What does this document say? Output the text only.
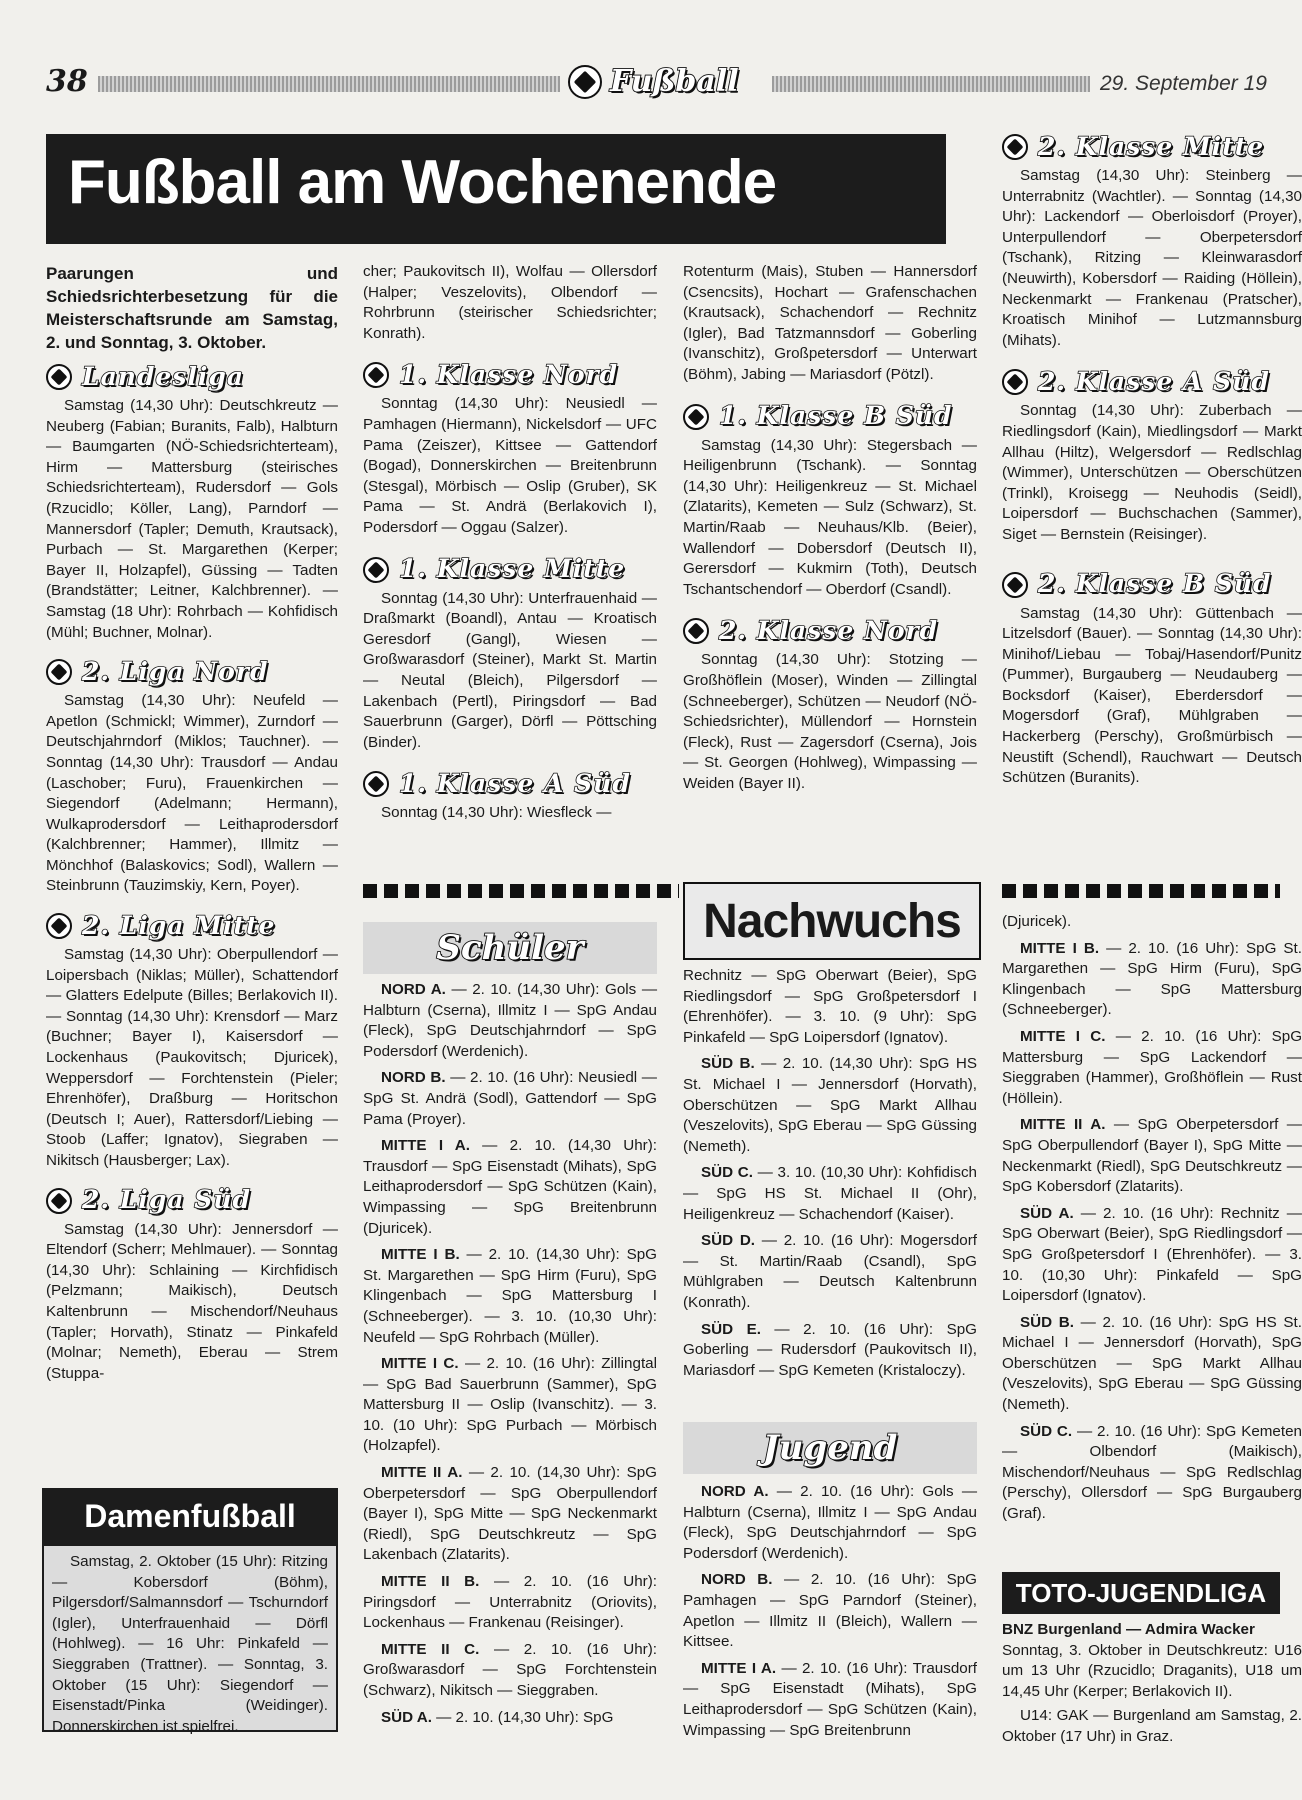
38	Fußball	29. September 19
Fußball am Wochenende

Paarungen und Schiedsrichterbesetzung für die Meisterschaftsrunde am Samstag, 2. und Sonntag, 3. Oktober.

Landesliga

Samstag (14,30 Uhr): Deutschkreutz — Neuberg (Fabian; Buranits, Falb), Halbturn — Baumgarten (NÖ-Schiedsrichterteam), Hirm — Mattersburg (steirisches Schiedsrichterteam), Rudersdorf — Gols (Rzucidlo; Köller, Lang), Parndorf — Mannersdorf (Tapler; Demuth, Krautsack), Purbach — St. Margarethen (Kerper; Bayer II, Holzapfel), Güssing — Tadten (Brandstätter; Leitner, Kalchbrenner). — Samstag (18 Uhr): Rohrbach — Kohfidisch (Mühl; Buchner, Molnar).

2. Liga Nord

Samstag (14,30 Uhr): Neufeld — Apetlon (Schmickl; Wimmer), Zurndorf — Deutschjahrndorf (Miklos; Tauchner). — Sonntag (14,30 Uhr): Trausdorf — Andau (Laschober; Furu), Frauenkirchen — Siegendorf (Adelmann; Hermann), Wulkaprodersdorf — Leithaprodersdorf (Kalchbrenner; Hammer), Illmitz — Mönchhof (Balaskovics; Sodl), Wallern — Steinbrunn (Tauzimskiy, Kern, Poyer).

2. Liga Mitte

Samstag (14,30 Uhr): Oberpullendorf — Loipersbach (Niklas; Müller), Schattendorf — Glatters Edelpute (Billes; Berlakovich II). — Sonntag (14,30 Uhr): Krensdorf — Marz (Buchner; Bayer I), Kaisersdorf — Lockenhaus (Paukovitsch; Djuricek), Weppersdorf — Forchtenstein (Pieler; Ehrenhöfer), Draßburg — Horitschon (Deutsch I; Auer), Rattersdorf/Liebing — Stoob (Laffer; Ignatov), Siegraben — Nikitsch (Hausberger; Lax).

2. Liga Süd

Samstag (14,30 Uhr): Jennersdorf — Eltendorf (Scherr; Mehlmauer). — Sonntag (14,30 Uhr): Schlaining — Kirchfidisch (Pelzmann; Maikisch), Deutsch Kaltenbrunn — Mischendorf/Neuhaus (Tapler; Horvath), Stinatz — Pinkafeld (Molnar; Nemeth), Eberau — Strem (Stuppa-

Damenfußball

Samstag, 2. Oktober (15 Uhr): Ritzing — Kobersdorf (Böhm), Pilgersdorf/Salmannsdorf — Tschurndorf (Igler), Unterfrauenhaid — Dörfl (Hohlweg). — 16 Uhr: Pinkafeld — Sieggraben (Trattner). — Sonntag, 3. Oktober (15 Uhr): Siegendorf — Eisenstadt/Pinka (Weidinger). Donnerskirchen ist spielfrei.

cher; Paukovitsch II), Wolfau — Ollersdorf (Halper; Veszelovits), Olbendorf — Rohrbrunn (steirischer Schiedsrichter; Konrath).

1. Klasse Nord

Sonntag (14,30 Uhr): Neusiedl — Pamhagen (Hiermann), Nickelsdorf — UFC Pama (Zeiszer), Kittsee — Gattendorf (Bogad), Donnerskirchen — Breitenbrunn (Stesgal), Mörbisch — Oslip (Gruber), SK Pama — St. Andrä (Berlakovich I), Podersdorf — Oggau (Salzer).

1. Klasse Mitte

Sonntag (14,30 Uhr): Unterfrauenhaid — Draßmarkt (Boandl), Antau — Kroatisch Geresdorf (Gangl), Wiesen — Großwarasdorf (Steiner), Markt St. Martin — Neutal (Bleich), Pilgersdorf — Lakenbach (Pertl), Piringsdorf — Bad Sauerbrunn (Garger), Dörfl — Pöttsching (Binder).

1. Klasse A Süd

Sonntag (14,30 Uhr): Wiesfleck —

Rotenturm (Mais), Stuben — Hannersdorf (Csencsits), Hochart — Grafenschachen (Krautsack), Schachendorf — Rechnitz (Igler), Bad Tatzmannsdorf — Goberling (Ivanschitz), Großpetersdorf — Unterwart (Böhm), Jabing — Mariasdorf (Pötzl).

1. Klasse B Süd

Samstag (14,30 Uhr): Stegersbach — Heiligenbrunn (Tschank). — Sonntag (14,30 Uhr): Heiligenkreuz — St. Michael (Zlatarits), Kemeten — Sulz (Schwarz), St. Martin/Raab — Neuhaus/Klb. (Beier), Wallendorf — Dobersdorf (Deutsch II), Gerersdorf — Kukmirn (Toth), Deutsch Tschantschendorf — Oberdorf (Csandl).

2. Klasse Nord

Sonntag (14,30 Uhr): Stotzing — Großhöflein (Moser), Winden — Zillingtal (Schneeberger), Schützen — Neudorf (NÖ-Schiedsrichter), Müllendorf — Hornstein (Fleck), Rust — Zagersdorf (Cserna), Jois — St. Georgen (Hohlweg), Wimpassing — Weiden (Bayer II).

2. Klasse Mitte

Samstag (14,30 Uhr): Steinberg — Unterrabnitz (Wachtler). — Sonntag (14,30 Uhr): Lackendorf — Oberloisdorf (Proyer), Unterpullendorf — Oberpetersdorf (Tschank), Ritzing — Kleinwarasdorf (Neuwirth), Kobersdorf — Raiding (Höllein), Neckenmarkt — Frankenau (Pratscher), Kroatisch Minihof — Lutzmannsburg (Mihats).

2. Klasse A Süd

Sonntag (14,30 Uhr): Zuberbach — Riedlingsdorf (Kain), Miedlingsdorf — Markt Allhau (Hiltz), Welgersdorf — Redlschlag (Wimmer), Unterschützen — Oberschützen (Trinkl), Kroisegg — Neuhodis (Seidl), Loipersdorf — Buchschachen (Sammer), Siget — Bernstein (Reisinger).

2. Klasse B Süd

Samstag (14,30 Uhr): Güttenbach — Litzelsdorf (Bauer). — Sonntag (14,30 Uhr): Minihof/Liebau — Tobaj/Hasendorf/Punitz (Pummer), Burgauberg — Neudauberg — Bocksdorf (Kaiser), Eberdersdorf — Mogersdorf (Graf), Mühlgraben — Hackerberg (Perschy), Großmürbisch — Neustift (Schendl), Rauchwart — Deutsch Schützen (Buranits).

Nachwuchs
Schüler

NORD A. — 2. 10. (14,30 Uhr): Gols — Halbturn (Cserna), Illmitz I — SpG Andau (Fleck), SpG Deutschjahrndorf — SpG Podersdorf (Werdenich).

NORD B. — 2. 10. (16 Uhr): Neusiedl — SpG St. Andrä (Sodl), Gattendorf — SpG Pama (Proyer).

MITTE I A. — 2. 10. (14,30 Uhr): Trausdorf — SpG Eisenstadt (Mihats), SpG Leithaprodersdorf — SpG Schützen (Kain), Wimpassing — SpG Breitenbrunn (Djuricek).

MITTE I B. — 2. 10. (14,30 Uhr): SpG St. Margarethen — SpG Hirm (Furu), SpG Klingenbach — SpG Mattersburg I (Schneeberger). — 3. 10. (10,30 Uhr): Neufeld — SpG Rohrbach (Müller).

MITTE I C. — 2. 10. (16 Uhr): Zillingtal — SpG Bad Sauerbrunn (Sammer), SpG Mattersburg II — Oslip (Ivanschitz). — 3. 10. (10 Uhr): SpG Purbach — Mörbisch (Holzapfel).

MITTE II A. — 2. 10. (14,30 Uhr): SpG Oberpetersdorf — SpG Oberpullendorf (Bayer I), SpG Mitte — SpG Neckenmarkt (Riedl), SpG Deutschkreutz — SpG Lakenbach (Zlatarits).

MITTE II B. — 2. 10. (16 Uhr): Piringsdorf — Unterrabnitz (Oriovits), Lockenhaus — Frankenau (Reisinger).

MITTE II C. — 2. 10. (16 Uhr): Großwarasdorf — SpG Forchtenstein (Schwarz), Nikitsch — Sieggraben.

SÜD A. — 2. 10. (14,30 Uhr): SpG

Rechnitz — SpG Oberwart (Beier), SpG Riedlingsdorf — SpG Großpetersdorf I (Ehrenhöfer). — 3. 10. (9 Uhr): SpG Pinkafeld — SpG Loipersdorf (Ignatov).

SÜD B. — 2. 10. (14,30 Uhr): SpG HS St. Michael I — Jennersdorf (Horvath), Oberschützen — SpG Markt Allhau (Veszelovits), SpG Eberau — SpG Güssing (Nemeth).

SÜD C. — 3. 10. (10,30 Uhr): Kohfidisch — SpG HS St. Michael II (Ohr), Heiligenkreuz — Schachendorf (Kaiser).

SÜD D. — 2. 10. (16 Uhr): Mogersdorf — St. Martin/Raab (Csandl), SpG Mühlgraben — Deutsch Kaltenbrunn (Konrath).

SÜD E. — 2. 10. (16 Uhr): SpG Goberling — Rudersdorf (Paukovitsch II), Mariasdorf — SpG Kemeten (Kristaloczy).

Jugend

NORD A. — 2. 10. (16 Uhr): Gols — Halbturn (Cserna), Illmitz I — SpG Andau (Fleck), SpG Deutschjahrndorf — SpG Podersdorf (Werdenich).

NORD B. — 2. 10. (16 Uhr): SpG Pamhagen — SpG Parndorf (Steiner), Apetlon — Illmitz II (Bleich), Wallern — Kittsee.

MITTE I A. — 2. 10. (16 Uhr): Trausdorf — SpG Eisenstadt (Mihats), SpG Leithaprodersdorf — SpG Schützen (Kain), Wimpassing — SpG Breitenbrunn

(Djuricek).

MITTE I B. — 2. 10. (16 Uhr): SpG St. Margarethen — SpG Hirm (Furu), SpG Klingenbach — SpG Mattersburg (Schneeberger).

MITTE I C. — 2. 10. (16 Uhr): SpG Mattersburg — SpG Lackendorf — Sieggraben (Hammer), Großhöflein — Rust (Höllein).

MITTE II A. — SpG Oberpetersdorf — SpG Oberpullendorf (Bayer I), SpG Mitte — Neckenmarkt (Riedl), SpG Deutschkreutz — SpG Kobersdorf (Zlatarits).

SÜD A. — 2. 10. (16 Uhr): Rechnitz — SpG Oberwart (Beier), SpG Riedlingsdorf — SpG Großpetersdorf I (Ehrenhöfer). — 3. 10. (10,30 Uhr): Pinkafeld — SpG Loipersdorf (Ignatov).

SÜD B. — 2. 10. (16 Uhr): SpG HS St. Michael I — Jennersdorf (Horvath), SpG Oberschützen — SpG Markt Allhau (Veszelovits), SpG Eberau — SpG Güssing (Nemeth).

SÜD C. — 2. 10. (16 Uhr): SpG Kemeten — Olbendorf (Maikisch), Mischendorf/Neuhaus — SpG Redlschlag (Perschy), Ollersdorf — SpG Burgauberg (Graf).

TOTO-JUGENDLIGA

BNZ Burgenland — Admira Wacker

Sonntag, 3. Oktober in Deutschkreutz: U16 um 13 Uhr (Rzucidlo; Draganits), U18 um 14,45 Uhr (Kerper; Berlakovich II).

U14: GAK — Burgenland am Samstag, 2. Oktober (17 Uhr) in Graz.
